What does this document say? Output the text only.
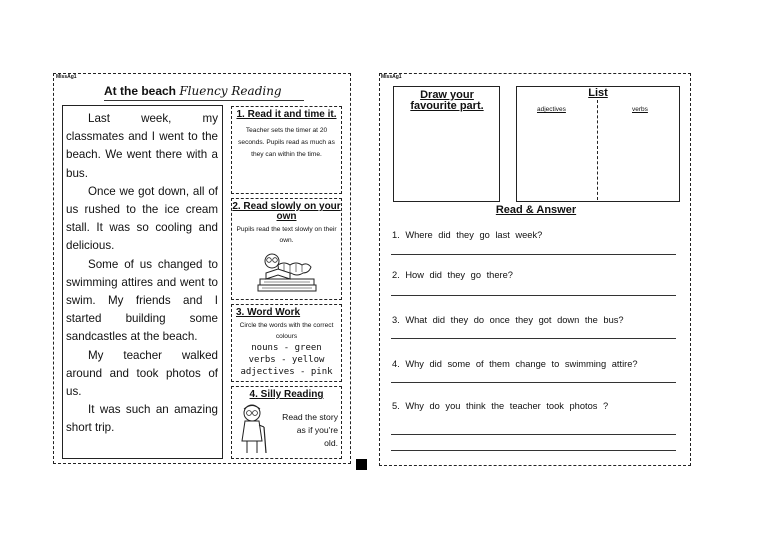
MissAg1
At the beach Fluency Reading

Last week, my classmates and I went to the beach. We went there with a bus.

Once we got down, all of us rushed to the ice cream stall. It was so cooling and delicious.

Some of us changed to swimming attires and went to swim. My friends and I started building some sandcastles at the beach.

My teacher walked around and took photos of us.

It was such an amazing short trip.

1. Read it and time it.
Teacher sets the timer at 20 seconds. Pupils read as much as they can within the time.
2. Read slowly on your own
Pupils read the text slowly on their own.
3. Word Work
Circle the words with the correct colours
nouns - green
verbs - yellow
adjectives - pink
4. Silly Reading
Read the story as if you're old.
MissAg1
Draw your favourite part.
List
adjectives	verbs
Read & Answer
1. Where did they go last week?
2. How did they go there?
3. What did they do once they got down the bus?
4. Why did some of them change to swimming attire?
5. Why do you think the teacher took photos ?
